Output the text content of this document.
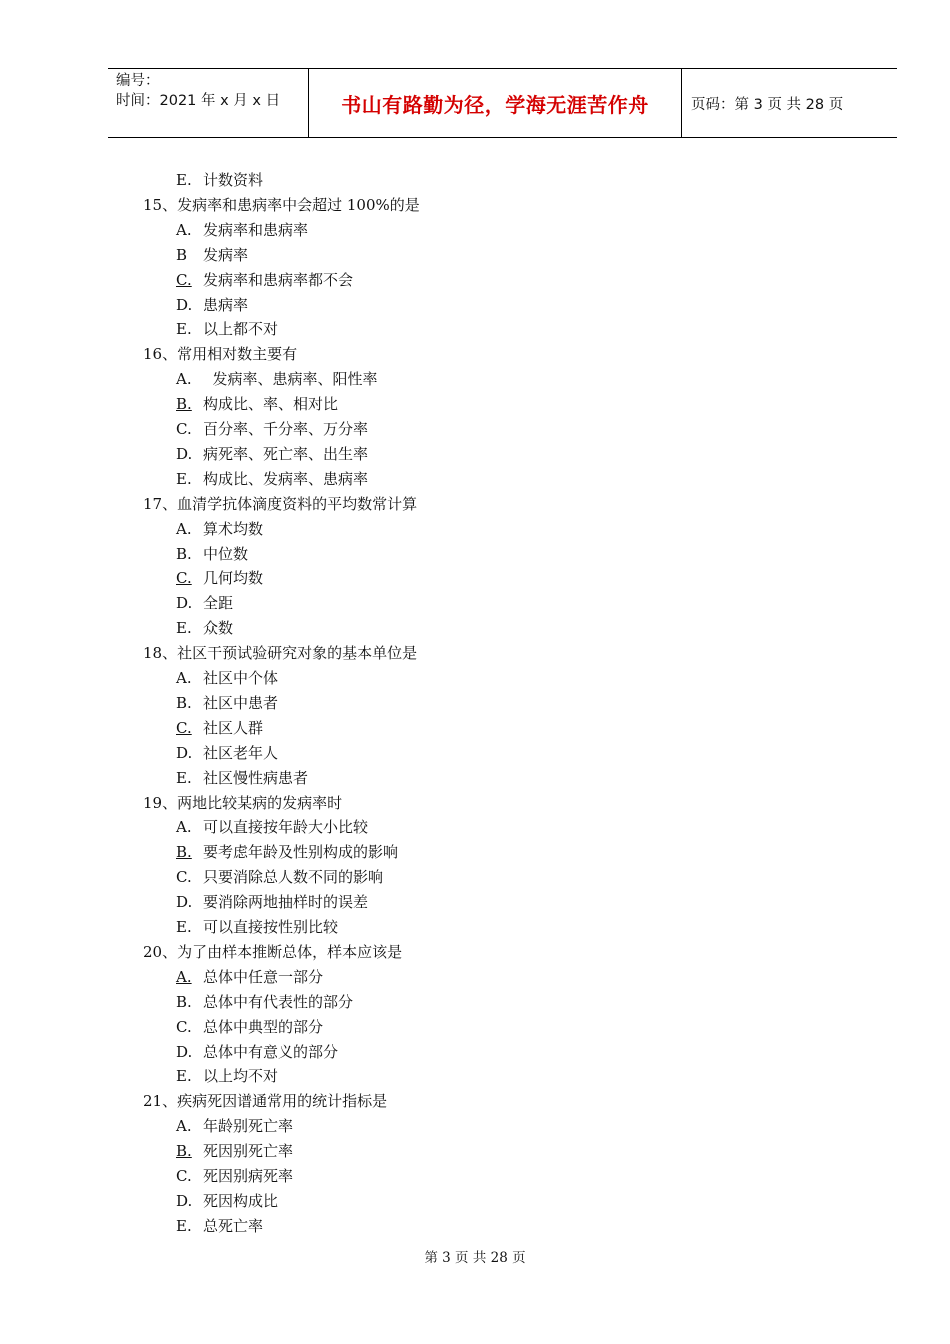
编号：
时间：2021 年 x 月 x 日	书山有路勤为径，学海无涯苦作舟	页码：第 3 页 共 28 页
E. 计数资料
15、发病率和患病率中会超过 100%的是
A. 发病率和患病率
B 发病率
C. 发病率和患病率都不会
D. 患病率
E. 以上都不对
16、常用相对数主要有
A.  发病率、患病率、阳性率
B. 构成比、率、相对比
C. 百分率、千分率、万分率
D. 病死率、死亡率、出生率
E. 构成比、发病率、患病率
17、血清学抗体滴度资料的平均数常计算
A. 算术均数
B. 中位数
C. 几何均数
D. 全距
E. 众数
18、社区干预试验研究对象的基本单位是
A. 社区中个体
B. 社区中患者
C. 社区人群
D. 社区老年人
E. 社区慢性病患者
19、两地比较某病的发病率时
A. 可以直接按年龄大小比较
B. 要考虑年龄及性别构成的影响
C. 只要消除总人数不同的影响
D. 要消除两地抽样时的误差
E. 可以直接按性别比较
20、为了由样本推断总体，样本应该是
A. 总体中任意一部分
B. 总体中有代表性的部分
C. 总体中典型的部分
D. 总体中有意义的部分
E. 以上均不对
21、疾病死因谱通常用的统计指标是
A. 年龄别死亡率
B. 死因别死亡率
C. 死因别病死率
D. 死因构成比
E. 总死亡率
第 3 页 共 28 页
